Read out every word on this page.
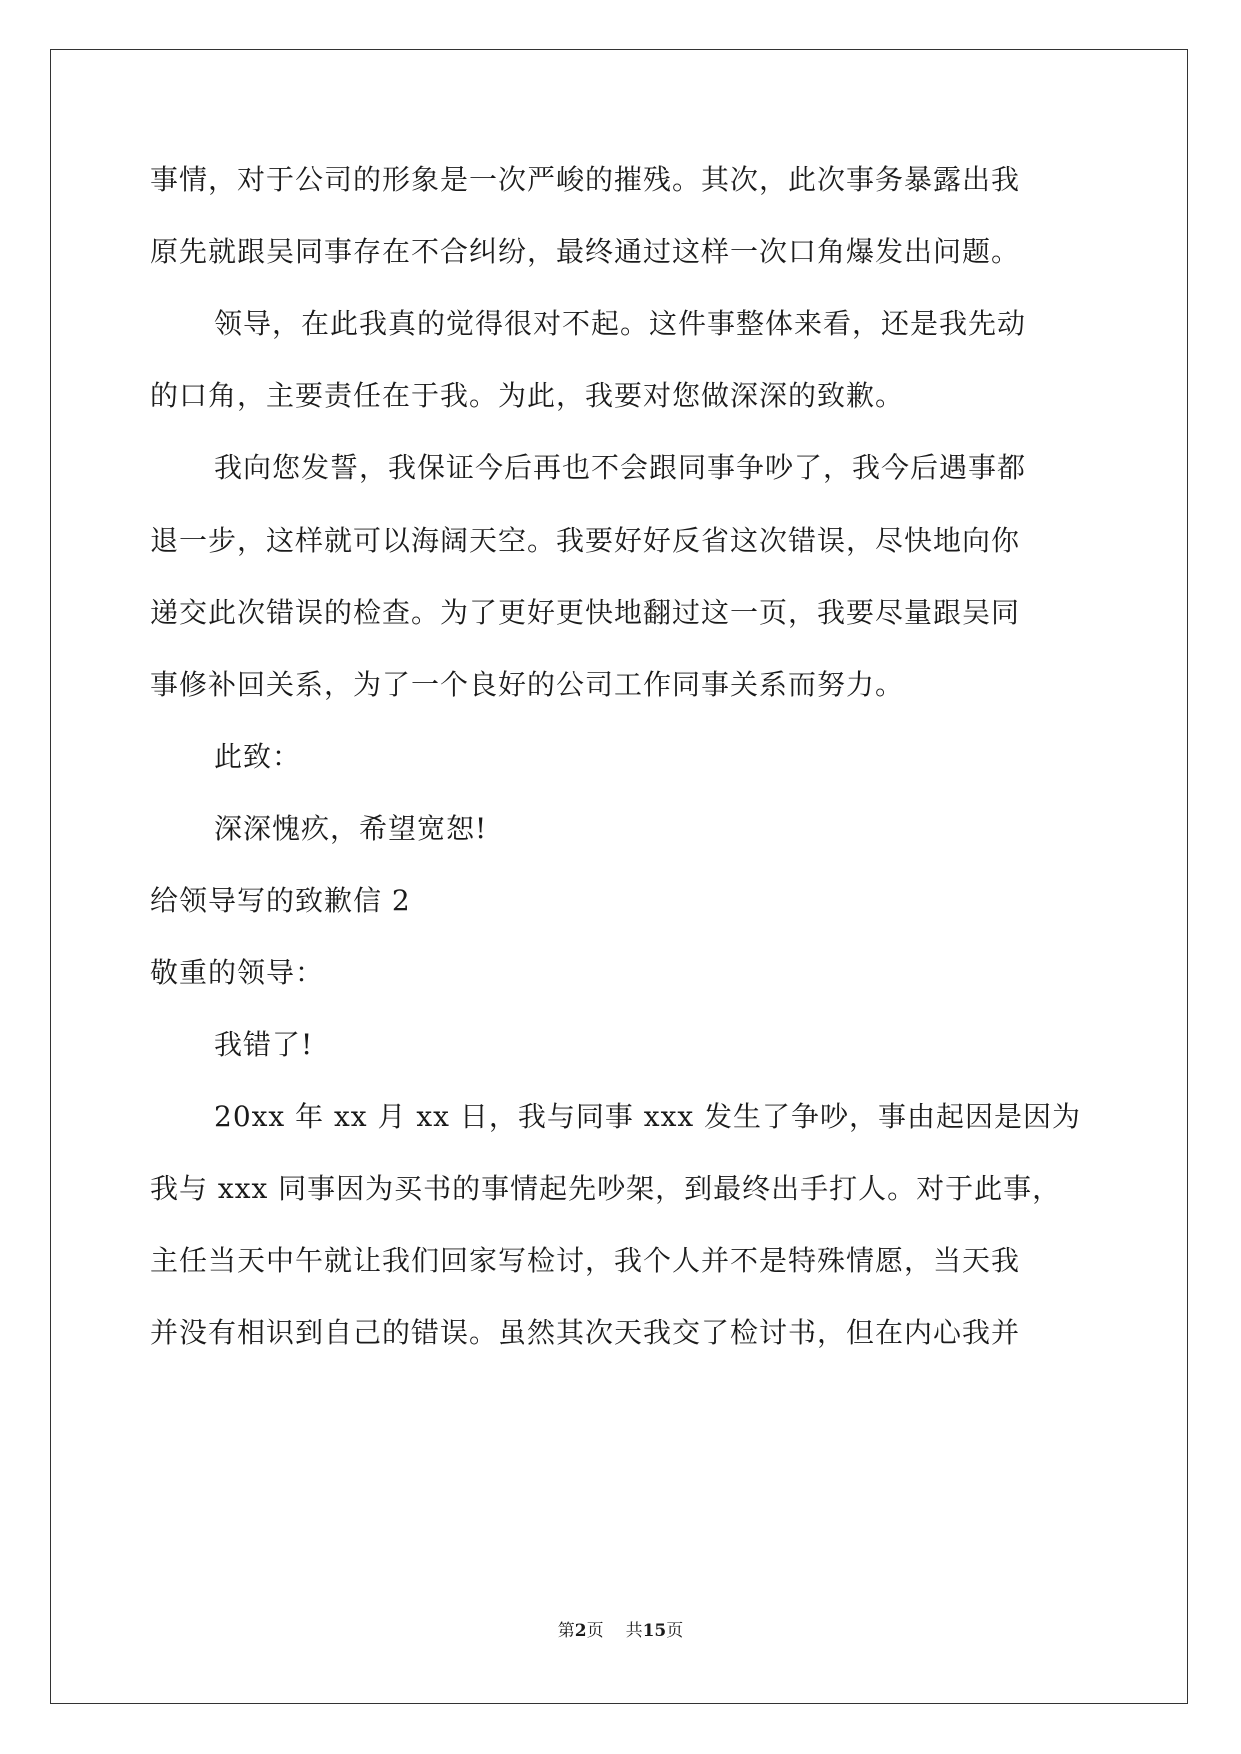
事情，对于公司的形象是一次严峻的摧残。其次，此次事务暴露出我
原先就跟吴同事存在不合纠纷，最终通过这样一次口角爆发出问题。
领导，在此我真的觉得很对不起。这件事整体来看，还是我先动
的口角，主要责任在于我。为此，我要对您做深深的致歉。
我向您发誓，我保证今后再也不会跟同事争吵了，我今后遇事都
退一步，这样就可以海阔天空。我要好好反省这次错误，尽快地向你
递交此次错误的检查。为了更好更快地翻过这一页，我要尽量跟吴同
事修补回关系，为了一个良好的公司工作同事关系而努力。
此致：
深深愧疚，希望宽恕!
给领导写的致歉信 2
敬重的领导：
我错了!
20xx 年 xx 月 xx 日，我与同事 xxx 发生了争吵，事由起因是因为
我与 xxx 同事因为买书的事情起先吵架，到最终出手打人。对于此事，
主任当天中午就让我们回家写检讨，我个人并不是特殊情愿，当天我
并没有相识到自己的错误。虽然其次天我交了检讨书，但在内心我并
第2页 共15页
